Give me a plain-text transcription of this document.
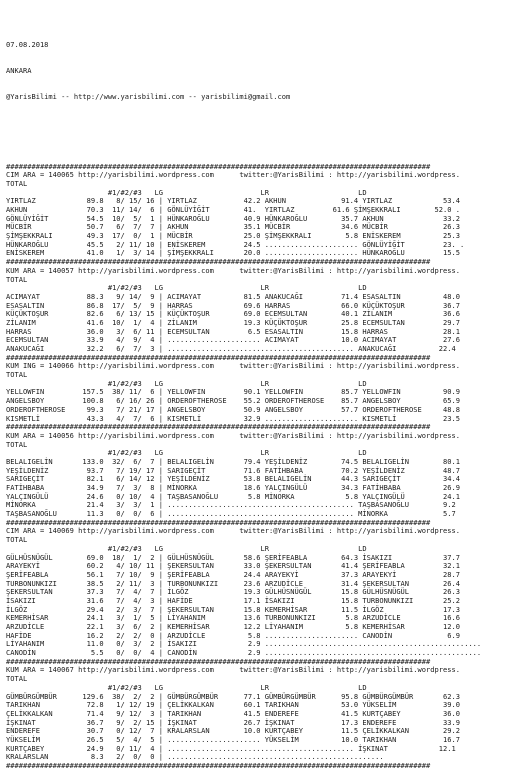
07.08.2018

ANKARA

@YarisBilimi -- http://www.yarisbilimi.com -- yarisbilimi@gmail.com

####################################################################################################
CIM ARA = 140065 http://yarisbilimi.wordpress.com      twitter:@YarisBilimi : http://yarisbilimi.wordpress.
TOTAL
#1/#2/#3   LG                       LR                     LD
YIRTLAZ            89.8   8/ 15/ 16 | YIRTLAZ           42.2 AKHUN             91.4 YIRTLAZ            53.4
AKHUN              70.3  11/ 14/  6 | GÖNLÜYİĞİT        41.  YIRTLAZ         61.6 ŞİMŞEKKRALI        52.0 .
GÖNLÜYİĞİT         54.5  10/  5/  1 | HÜNKAROĞLU        40.9 HÜNKAROĞLU        35.7 AKHUN              33.2
MÜCBİR             50.7   6/  7/  7 | AKHUN             35.1 MÜCBİR            34.6 MÜCBİR             26.3
ŞİMŞEKKRALI        49.3  17/  0/  1 | MÜCBİR            25.0 ŞİMŞEKKRALI        5.8 ENİSKEREM          25.3
HÜNKAROĞLU         45.5   2/ 11/ 10 | ENİSKEREM         24.5 ...................... GÖNLÜYİĞİT         23. .
ENİSKEREM          41.0   1/  3/ 14 | ŞİMŞEKKRALI       20.0 ...................... HÜNKAROĞLU         15.5
####################################################################################################
KUM ARA = 140057 http://yarisbilimi.wordpress.com      twitter:@YarisBilimi : http://yarisbilimi.wordpress.
TOTAL
#1/#2/#3   LG                       LR                     LD
ACIMAYAT           88.3   9/ 14/  9 | ACIMAYAT          81.5 ANAKUCAĞI         71.4 ESASALTIN          48.0
ESASALTIN          86.8  17/  5/  9 | HARRAS            69.6 HARRAS            66.0 KÜÇÜKTOŞUR         36.7
KÜÇÜKTOŞUR         82.6   6/ 13/ 15 | KÜÇÜKTOŞUR        69.0 ECEMSULTAN        40.1 ZİLANIM            36.6
ZİLANIM            41.6  10/  1/  4 | ZİLANIM           19.3 KÜÇÜKTOŞUR        25.8 ECEMSULTAN         29.7
HARRAS             36.0   3/  6/ 11 | ECEMSULTAN         6.5 ESASALTIN         15.8 HARRAS             28.1
ECEMSULTAN         33.9   4/  9/  4 | ...................... ACIMAYAT          10.0 ACIMAYAT           27.6
ANAKUCAĞI          32.2   6/  7/  3 | ............................................ ANAKUCAĞI          22.4
####################################################################################################
KUM ING = 140066 http://yarisbilimi.wordpress.com      twitter:@YarisBilimi : http://yarisbilimi.wordpress.
TOTAL
#1/#2/#3   LG                       LR                     LD
YELLOWFIN         157.5  38/ 11/  6 | YELLOWFIN         90.1 YELLOWFIN         85.7 YELLOWFIN          90.9
ANGELSBOY         100.8   6/ 16/ 26 | ORDEROFTHEROSE    55.2 ORDEROFTHEROSE    85.7 ANGELSBOY          65.9
ORDEROFTHEROSE     99.3   7/ 21/ 17 | ANGELSBOY         50.9 ANGELSBOY         57.7 ORDEROFTHEROSE     48.8
KISMETLİ           43.3   4/  7/  6 | KISMETLİ          32.9 ...................... KISMETLİ           23.5
####################################################################################################
KUM ARA = 140056 http://yarisbilimi.wordpress.com      twitter:@YarisBilimi : http://yarisbilimi.wordpress.
TOTAL
#1/#2/#3   LG                       LR                     LD
BELALIGELİN       133.0  32/  6/  7 | BELALIGELİN       79.4 YEŞİLDENİZ        74.5 BELALIGELİN        80.1
YEŞİLDENİZ         93.7   7/ 19/ 17 | SARIGEÇİT         71.6 FATİHBABA         70.2 YEŞİLDENİZ         48.7
SARIGEÇİT          82.1   6/ 14/ 12 | YEŞİLDENİZ        53.8 BELALIGELİN       44.3 SARIGEÇİT          34.4
FATİHBABA          34.9   7/  3/  8 | MİNORKA           18.6 YALÇINGÜLÜ        34.3 FATİHBABA          26.9
YALÇINGÜLÜ         24.6   0/ 10/  4 | TAŞBASANOĞLU       5.8 MİNORKA            5.8 YALÇINGÜLÜ         24.1
MİNORKA            21.4   3/  3/  1 | ............................................ TAŞBASANOĞLU        9.2
TAŞBASANOĞLU       11.3   0/  0/  6 | ............................................ MİNORKA             5.7
####################################################################################################
CIM ARA = 140069 http://yarisbilimi.wordpress.com      twitter:@YarisBilimi : http://yarisbilimi.wordpress.
TOTAL
#1/#2/#3   LG                       LR                     LD
GÜLHÜSNÜGÜL        69.0  18/  1/  2 | GÜLHÜSNÜGÜL       58.6 ŞERİFEABLA        64.3 İSAKIZI            37.7
ARAYEKYİ           60.2   4/ 10/ 11 | ŞEKERSULTAN       33.0 ŞEKERSULTAN       41.4 ŞERİFEABLA         32.1
ŞERİFEABLA         56.1   7/ 10/  9 | ŞERİFEABLA        24.4 ARAYEKYİ          37.3 ARAYEKYİ           28.7
TURBONUNKIZI       38.5   2/ 11/  3 | TURBONUNKIZI      23.6 ARZUDİCLE         31.4 ŞEKERSULTAN        26.4
ŞEKERSULTAN        37.3   7/  4/  7 | İLGÖZ             19.3 GÜLHÜSNÜGÜL       15.8 GÜLHÜSNÜGÜL        26.3
İSAKIZI            31.6   7/  4/  3 | HAFİDE            17.1 İSAKIZI           15.8 TURBONUNKIZI       25.2
İLGÖZ              29.4   2/  3/  7 | ŞEKERSULTAN       15.8 KEMERHİSAR        11.5 İLGÖZ              17.3
KEMERHİSAR         24.1   3/  1/  5 | LİYAHANIM         13.6 TURBONUNKIZI       5.8 ARZUDİCLE          16.6
ARZUDİCLE          22.1   3/  6/  2 | KEMERHİSAR        12.2 LİYAHANIM          5.8 KEMERHİSAR         12.0
HAFİDE             16.2   2/  2/  0 | ARZUDİCLE          5.8 ...................... CANODİN             6.9
LİYAHANIM          11.0   0/  3/  2 | İSAKIZI            2.9 ...................................................
CANODİN             5.5   0/  0/  4 | CANODİN            2.9 ...................................................
####################################################################################################
KUM ARA = 140067 http://yarisbilimi.wordpress.com      twitter:@YarisBilimi : http://yarisbilimi.wordpress.
TOTAL
#1/#2/#3   LG                       LR                     LD
GÜMBÜRGÜMBÜR      129.6  38/  2/  2 | GÜMBÜRGÜMBÜR      77.1 GÜMBÜRGÜMBÜR      95.8 GÜMBÜRGÜMBÜR       62.3
TARIKHAN           72.8   1/ 12/ 19 | ÇELİKKALKAN       60.1 TARIKHAN          53.0 YÜKSELİM           39.0
ÇELİKKALKAN        71.4   9/ 12/  3 | TARIKHAN          41.5 ENDEREFE          41.5 KURTÇABEY          36.0
İŞKINAT            36.7   9/  2/ 15 | İŞKINAT           26.7 İŞKINAT           17.3 ENDEREFE           33.9
ENDEREFE           30.7   0/ 12/  7 | KRALARSLAN        10.0 KURTÇABEY         11.5 ÇELİKKALKAN        29.2
YÜKSELİM           26.5   5/  4/  5 | ...................... YÜKSELİM          10.0 TARIKHAN           16.7
KURTÇABEY          24.9   0/ 11/  4 | ............................................ İŞKINAT            12.1
KRALARSLAN          8.3   2/  0/  0 | ...................................................
####################################################################################################
